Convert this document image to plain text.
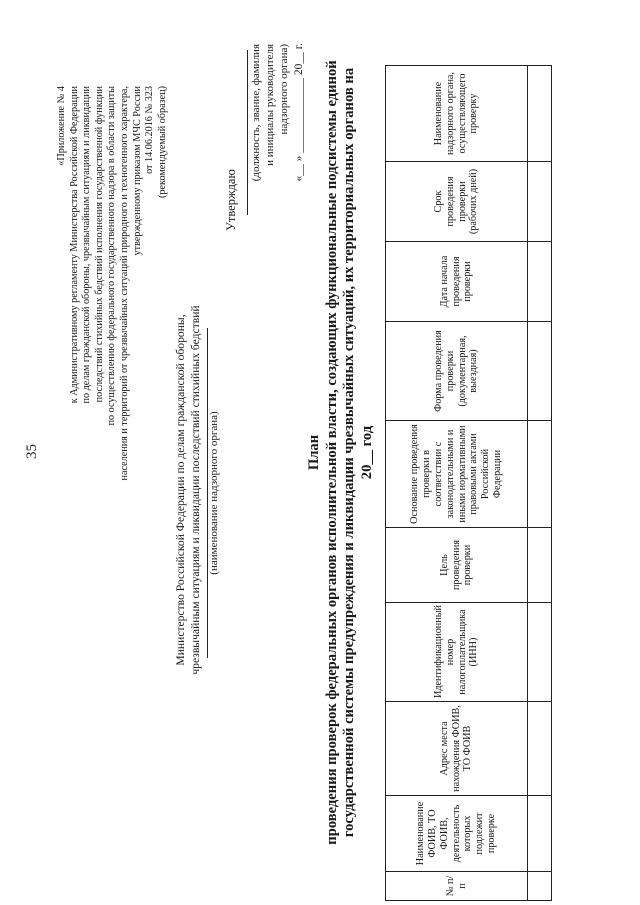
35
«Приложение № 4 к Административному регламенту Министерства Российской Федерации по делам гражданской обороны, чрезвычайным ситуациям и ликвидации последствий стихийных бедствий исполнения государственной функции по осуществлению федерального государственного надзора в области защиты населения и территорий от чрезвычайных ситуаций природного и техногенного характера, утвержденному приказом МЧС России от 14.06.2016 № 323 (рекомендуемый образец)
Министерство Российской Федерации по делам гражданской обороны, чрезвычайным ситуациям и ликвидации последствий стихийных бедствий (наименование надзорного органа)
Утверждаю
(должность, звание, фамилия и инициалы руководителя надзорного органа) «__ » _____________ 20__ г.
План проведения проверок федеральных органов исполнительной власти, создающих функциональные подсистемы единой государственной системы предупреждения и ликвидации чрезвычайных ситуаций, их территориальных органов на 20__ год
№ п/п	Наименование ФОИВ, ТО ФОИВ, деятельность которых подлежит проверке	Адрес места нахождения ФОИВ, ТО ФОИВ	Идентификационный номер налогоплательщика (ИНН)	Цель проведения проверки	Основание проведения проверки в соответствии с законодательными и иными нормативными правовыми актами Российской Федерации	Форма проведения проверки (документарная, выездная)	Дата начала проведения проверки	Срок проведения проверки (рабочих дней)	Наименование надзорного органа, осуществляющего проверку
